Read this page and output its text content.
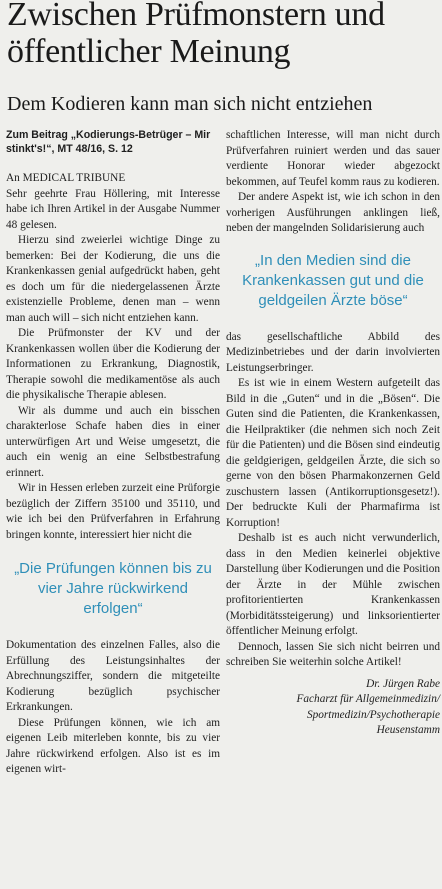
Zwischen Prüfmonstern und öffentlicher Meinung
Dem Kodieren kann man sich nicht entziehen

Zum Beitrag „Kodierungs-Betrüger – Mir stinkt's!“, MT 48/16, S. 12

An MEDICAL TRIBUNE

Sehr geehrte Frau Höllering, mit Interesse habe ich Ihren Artikel in der Ausgabe Nummer 48 gelesen.

Hierzu sind zweierlei wichtige Dinge zu bemerken: Bei der Kodierung, die uns die Krankenkassen genial aufgedrückt haben, geht es doch um für die niedergelassenen Ärzte existenzielle Probleme, denen man – wenn man auch will – sich nicht entziehen kann.

Die Prüfmonster der KV und der Krankenkassen wollen über die Kodierung der Informationen zu Erkrankung, Diagnostik, Therapie sowohl die medikamentöse als auch die physikalische Therapie ablesen.

Wir als dumme und auch ein bisschen charakterlose Schafe haben dies in einer unterwürfigen Art und Weise umgesetzt, die auch ein wenig an eine Selbstbestrafung erinnert.

Wir in Hessen erleben zurzeit eine Prüforgie bezüglich der Ziffern 35100 und 35110, und wie ich bei den Prüfverfahren in Erfahrung bringen konnte, interessiert hier nicht die

„Die Prüfungen können bis zu vier Jahre rückwirkend erfolgen“

Dokumentation des einzelnen Falles, also die Erfüllung des Leistungsinhaltes der Abrechnungsziffer, sondern die mitgeteilte Kodierung bezüglich psychischer Erkrankungen.

Diese Prüfungen können, wie ich am eigenen Leib miterleben konnte, bis zu vier Jahre rückwirkend erfolgen. Also ist es im eigenen wirt-

schaftlichen Interesse, will man nicht durch Prüfverfahren ruiniert werden und das sauer verdiente Honorar wieder abgezockt bekommen, auf Teufel komm raus zu kodieren.

Der andere Aspekt ist, wie ich schon in den vorherigen Ausführungen anklingen ließ, neben der mangelnden Solidarisierung auch

„In den Medien sind die Krankenkassen gut und die geldgeilen Ärzte böse“

das gesellschaftliche Abbild des Medizinbetriebes und der darin involvierten Leistungserbringer.

Es ist wie in einem Western aufgeteilt das Bild in die „Guten“ und in die „Bösen“. Die Guten sind die Patienten, die Krankenkassen, die Heilpraktiker (die nehmen sich noch Zeit für die Patienten) und die Bösen sind eindeutig die geldgierigen, geldgeilen Ärzte, die sich so gerne von den bösen Pharmakonzernen Geld zuschustern lassen (Antikorruptionsgesetz!). Der bedruckte Kuli der Pharmafirma ist Korruption!

Deshalb ist es auch nicht verwunderlich, dass in den Medien keinerlei objektive Darstellung über Kodierungen und die Position der Ärzte in der Mühle zwischen profitorientierten Krankenkassen (Morbiditätssteigerung) und linksorientierter öffentlicher Meinung erfolgt.

Dennoch, lassen Sie sich nicht beirren und schreiben Sie weiterhin solche Artikel!

Dr. Jürgen Rabe
Facharzt für Allgemeinmedizin/ Sportmedizin/Psychotherapie
Heusenstamm
